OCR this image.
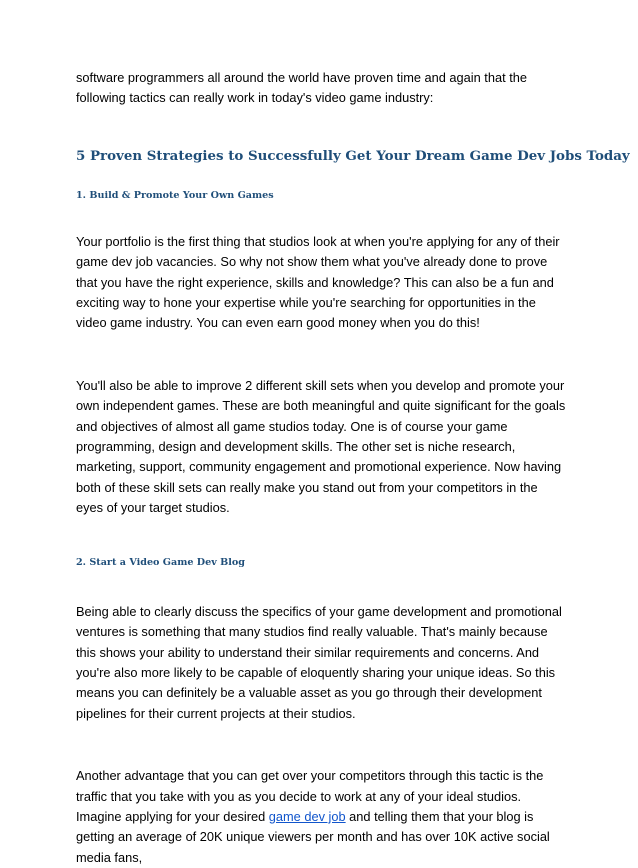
software programmers all around the world have proven time and again that the following tactics can really work in today's video game industry:

5 Proven Strategies to Successfully Get Your Dream Game Dev Jobs Today
1. Build & Promote Your Own Games

Your portfolio is the first thing that studios look at when you're applying for any of their game dev job vacancies. So why not show them what you've already done to prove that you have the right experience, skills and knowledge? This can also be a fun and exciting way to hone your expertise while you're searching for opportunities in the video game industry. You can even earn good money when you do this!

You'll also be able to improve 2 different skill sets when you develop and promote your own independent games. These are both meaningful and quite significant for the goals and objectives of almost all game studios today. One is of course your game programming, design and development skills. The other set is niche research, marketing, support, community engagement and promotional experience. Now having both of these skill sets can really make you stand out from your competitors in the eyes of your target studios.

2. Start a Video Game Dev Blog

Being able to clearly discuss the specifics of your game development and promotional ventures is something that many studios find really valuable. That's mainly because this shows your ability to understand their similar requirements and concerns. And you're also more likely to be capable of eloquently sharing your unique ideas. So this means you can definitely be a valuable asset as you go through their development pipelines for their current projects at their studios.

Another advantage that you can get over your competitors through this tactic is the traffic that you take with you as you decide to work at any of your ideal studios. Imagine applying for your desired game dev job and telling them that your blog is getting an average of 20K unique viewers per month and has over 10K active social media fans,
